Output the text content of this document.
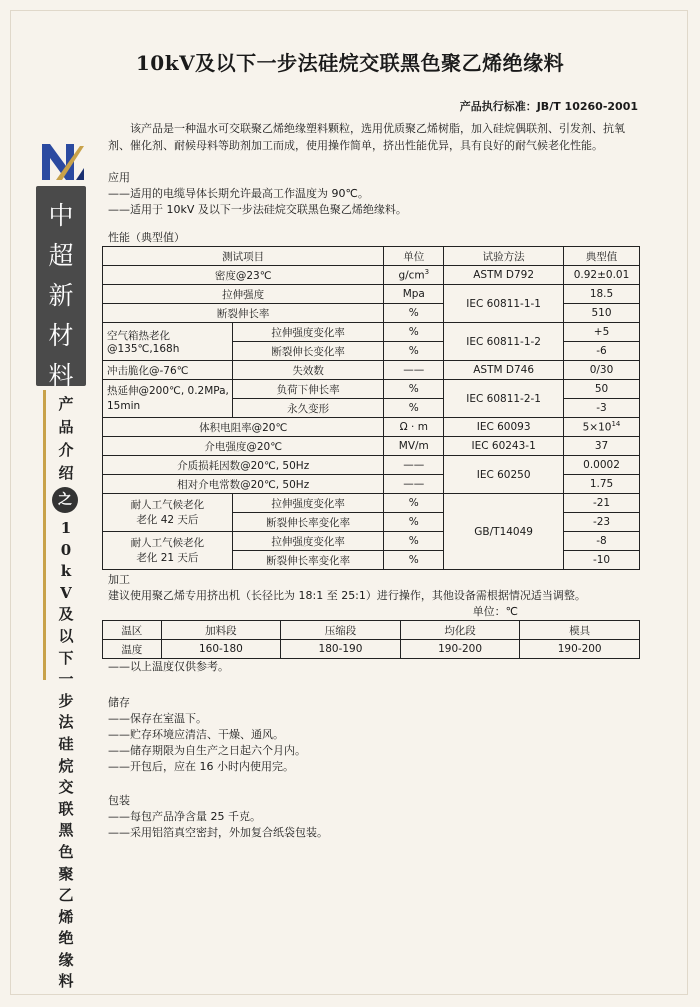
10kV及以下一步法硅烷交联黑色聚乙烯绝缘料
产品执行标准：JB/T 10260-2001
中
超
新
材
料
产
品
介
绍
之
1
0
k
V
及
以
下
一
步
法
硅
烷
交
联
黑
色
聚
乙
烯
绝
缘
料

该产品是一种温水可交联聚乙烯绝缘塑料颗粒，选用优质聚乙烯树脂，加入硅烷偶联剂、引发剂、抗氧剂、催化剂、耐候母料等助剂加工而成，使用操作简单，挤出性能优异，具有良好的耐气候老化性能。

应用

——适用的电缆导体长期允许最高工作温度为 90℃。

——适用于 10kV 及以下一步法硅烷交联黑色聚乙烯绝缘料。

性能（典型值）

测试项目		单位	试验方法	典型值
密度@23℃		$g/cm^3$	ASTM D792	0.92±0.01
拉伸强度		Mpa	IEC 60811-1-1	18.5
断裂伸长率		%		510
空气箱热老化@135℃,168h	拉伸强度变化率	%	IEC 60811-1-2	+5
	断裂伸长变化率	%		-6
冲击脆化@-76℃	失效数	——	ASTM D746	0/30
热延伸@200℃, 0.2MPa,
15min	负荷下伸长率	%	IEC 60811-2-1	50
	永久变形	%		-3
体积电阻率@20℃		Ω · m	IEC 60093	$5\times 10^{14}$
介电强度@20℃		MV/m	IEC 60243-1	37
介质损耗因数@20℃, 50Hz		——	IEC 60250	0.0002
相对介电常数@20℃, 50Hz		——		1.75
耐人工气候老化
老化 42 天后	拉伸强度变化率	%	GB/T14049	-21
	断裂伸长率变化率	%		-23
耐人工气候老化
老化 21 天后	拉伸强度变化率	%		-8
	断裂伸长率变化率	%		-10

加工

建议使用聚乙烯专用挤出机（长径比为 18:1 至 25:1）进行操作，其他设备需根据情况适当调整。

单位：℃

温区	加料段	压缩段	均化段	模具
温度	160-180	180-190	190-200	190-200

——以上温度仅供参考。

储存

——保存在室温下。

——贮存环境应清洁、干燥、通风。

——储存期限为自生产之日起六个月内。

——开包后，应在 16 小时内使用完。

包装

——每包产品净含量 25 千克。

——采用铝箔真空密封，外加复合纸袋包装。
